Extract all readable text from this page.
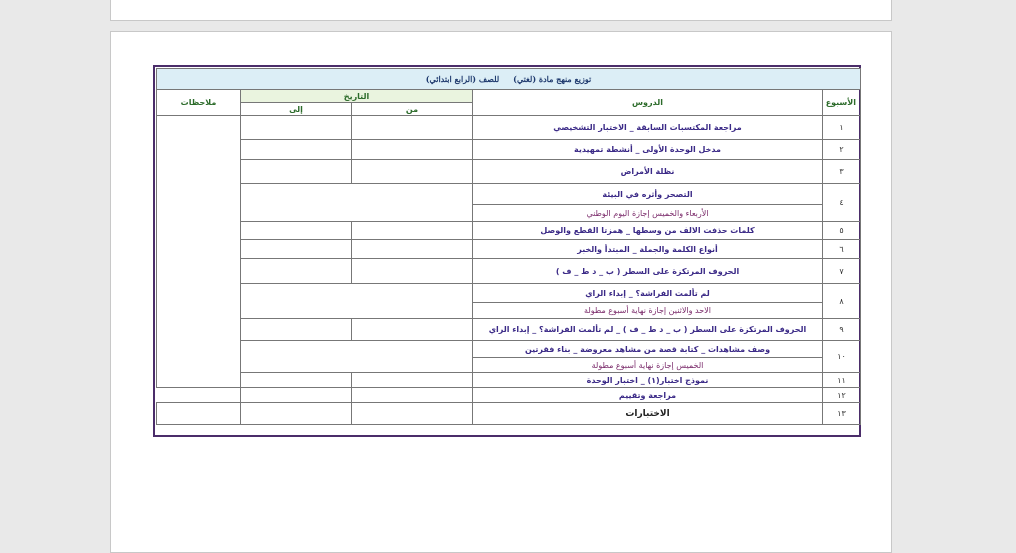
توزيع منهج مادة (لغتي)للصف (الرابع ابتدائي)				
الأسبوع	الدروس	التاريخ		ملاحظات
		من	إلى	
١	مراجعة المكتسبات السابقة _ الاختبار التشخيصي			
٢	مدخل الوحدة الأولى _ أنشطة تمهيدية			
٣	نظلة الأمراض			
٤	التصحر وأثره في البيئة			
	الأربعاء والخميس إجازة اليوم الوطني			
٥	كلمات حذفت الالف من وسطها _ همزتا القطع والوصل			
٦	أنواع الكلمة والجملة _ المبتدأ والخبر			
٧	الحروف المرتكزة على السطر ( ب _ د ط _ ف )			
٨	لم تألمت الفراشة؟ _ إبداء الراي			
	الاحد والاثنين إجازة نهاية أسبوع مطولة			
٩	الحروف المرتكزة على السطر ( ب _ د ط _ ف ) _ لم تألمت الفراشة؟ _ إبداء الراي			
١٠	وصف مشاهدات _ كتابة قصة من مشاهد معروضة _ بناء فقرتين			
	الخميس إجازة نهاية أسبوع مطولة			
١١	نموذج اختبار(١) _ اختبار الوحدة			
١٢	مراجعة وتقييم			
١٣	الاختبارات			
